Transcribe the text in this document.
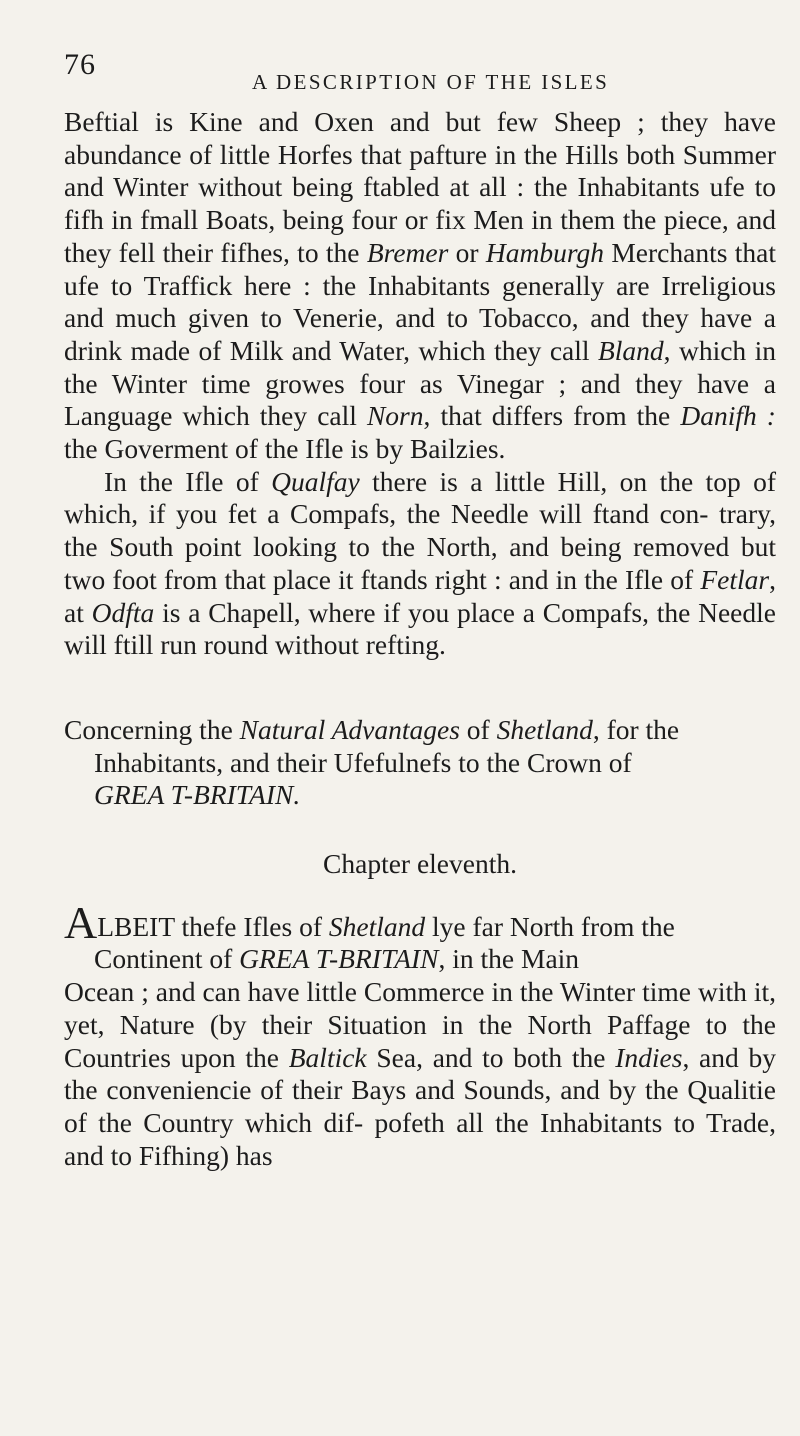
76
A DESCRIPTION OF THE ISLES

Beftial is Kine and Oxen and but few Sheep ; they have abundance of little Horfes that pafture in the Hills both Summer and Winter without being ftabled at all : the Inhabitants ufe to fifh in fmall Boats, being four or fix Men in them the piece, and they fell their fifhes, to the Bremer or Hamburgh Merchants that ufe to Traffick here : the Inhabitants generally are Irreligious and much given to Venerie, and to Tobacco, and they have a drink made of Milk and Water, which they call Bland, which in the Winter time growes four as Vinegar ; and they have a Language which they call Norn, that differs from the Danifh : the Goverment of the Ifle is by Bailzies.

In the Ifle of Qualfay there is a little Hill, on the top of which, if you fet a Compafs, the Needle will ftand con- trary, the South point looking to the North, and being removed but two foot from that place it ftands right : and in the Ifle of Fetlar, at Odfta is a Chapell, where if you place a Compafs, the Needle will ftill run round without refting.

Concerning the Natural Advantages of Shetland, for the
Inhabitants, and their Ufefulnefs to the Crown of
GREA T-BRITAIN.
Chapter eleventh.

ALBEIT thefe Ifles of Shetland lye far North from the
Continent of GREA T-BRITAIN, in the Main
Ocean ; and can have little Commerce in the Winter time with it, yet, Nature (by their Situation in the North Paffage to the Countries upon the Baltick Sea, and to both the Indies, and by the conveniencie of their Bays and Sounds, and by the Qualitie of the Country which dif- pofeth all the Inhabitants to Trade, and to Fifhing) has
